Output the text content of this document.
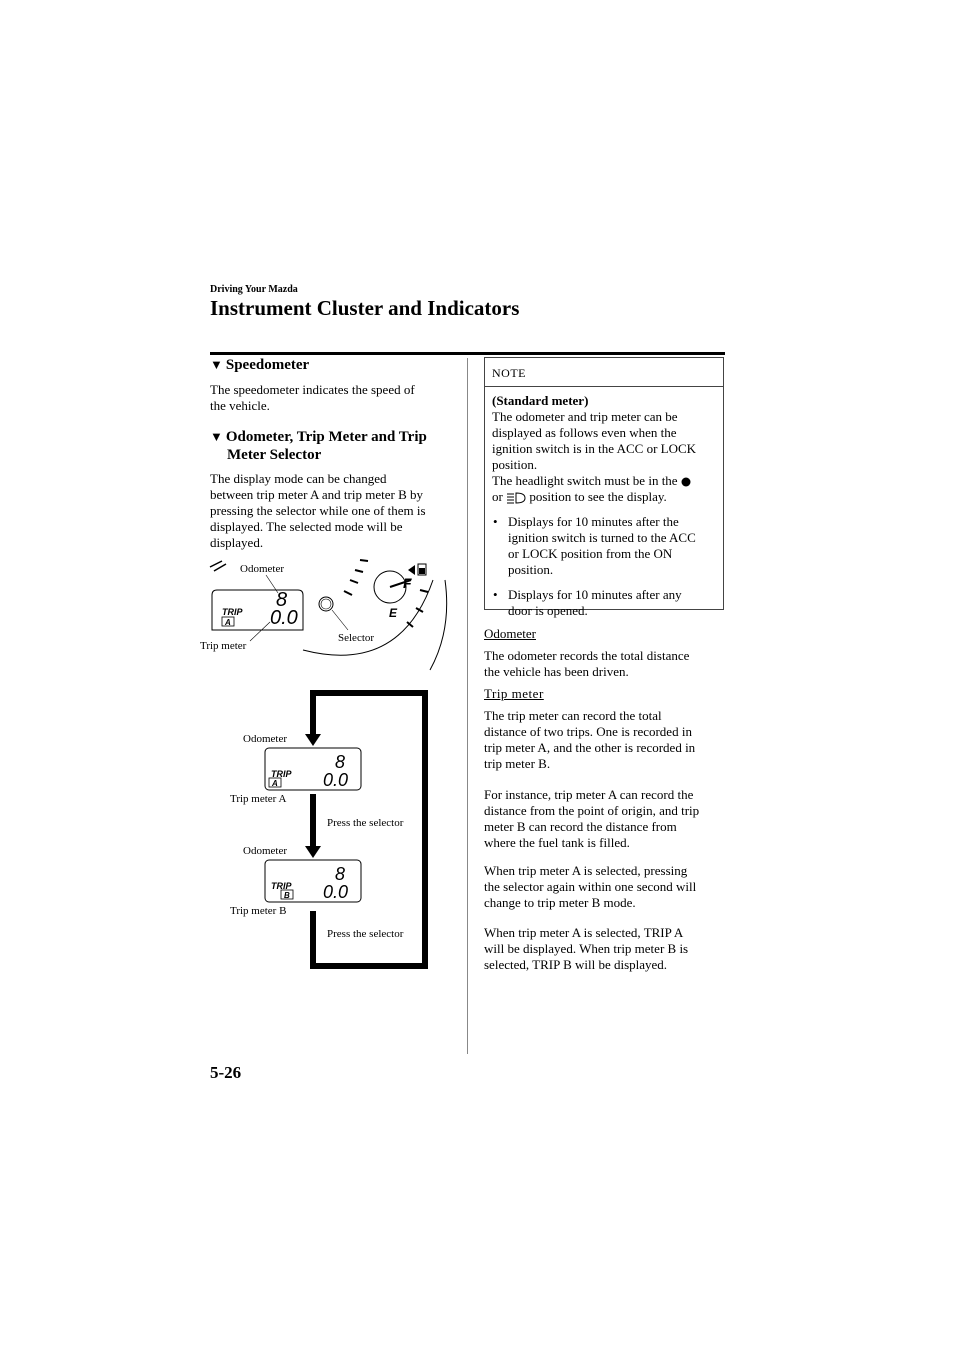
Driving Your Mazda
Instrument Cluster and Indicators
▼ Speedometer
The speedometer indicates the speed of
the vehicle.
▼ Odometer, Trip Meter and Trip
Meter Selector
The display mode can be changed
between trip meter A and trip meter B by
pressing the selector while one of them is
displayed. The selected mode will be
displayed.
Odometer
8
TRIP
A 0.0
Trip meter
Selector
F
E
Odometer
8
TRIP
A	0.0
Trip meter A
Press the selector
Odometer
8
TRIP
B 0.0
Trip meter B
Press the selector
NOTE
(Standard meter)
The odometer and trip meter can be
displayed as follows even when the
ignition switch is in the ACC or LOCK
position.
The headlight switch must be in the
or position to see the display.
• Displays for 10 minutes after the
ignition switch is turned to the ACC
or LOCK position from the ON
position.
• Displays for 10 minutes after any
door is opened.
Odometer
The odometer records the total distance
the vehicle has been driven.
Trip meter
The trip meter can record the total
distance of two trips. One is recorded in
trip meter A, and the other is recorded in
trip meter B.
For instance, trip meter A can record the
distance from the point of origin, and trip
meter B can record the distance from
where the fuel tank is filled.
When trip meter A is selected, pressing
the selector again within one second will
change to trip meter B mode.
When trip meter A is selected, TRIP A
will be displayed. When trip meter B is
selected, TRIP B will be displayed.
5-26
